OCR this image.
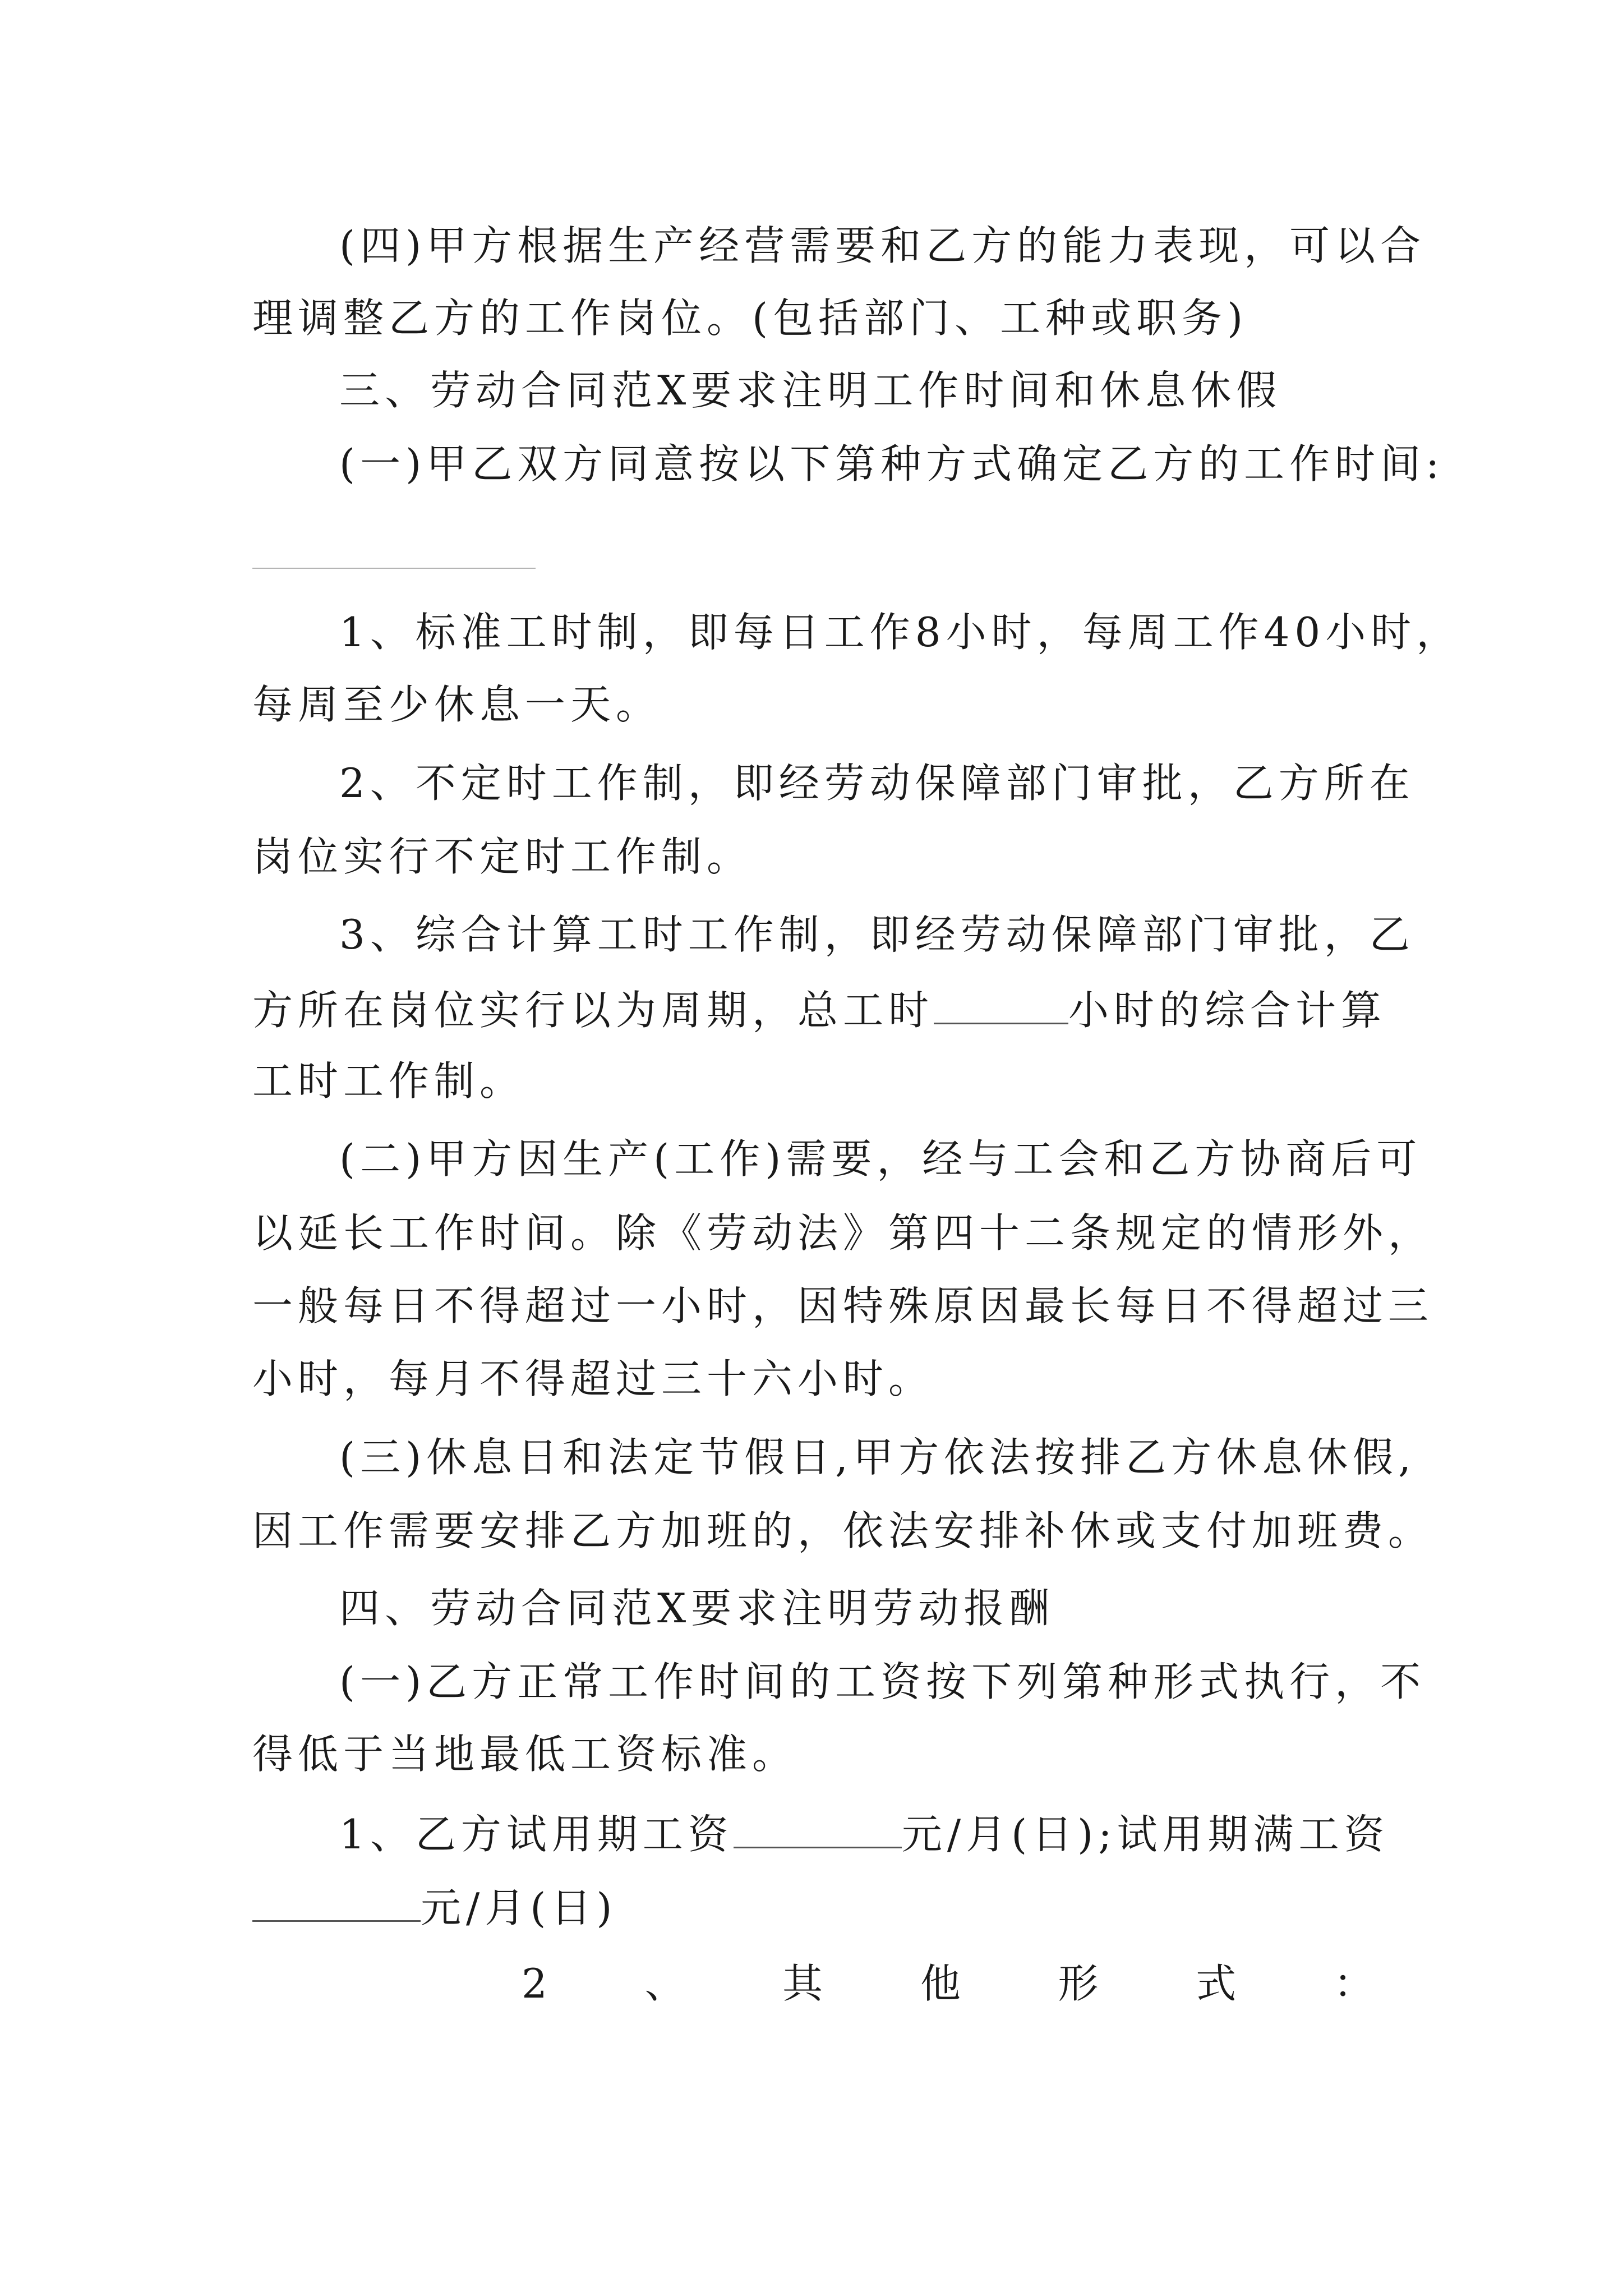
(四)甲方根据生产经营需要和乙方的能力表现，可以合

理调整乙方的工作岗位。(包括部门、工种或职务)

三、劳动合同范X要求注明工作时间和休息休假

(一)甲乙双方同意按以下第种方式确定乙方的工作时间:

1、标准工时制，即每日工作8小时，每周工作40小时，

每周至少休息一天。

2、不定时工作制，即经劳动保障部门审批，乙方所在

岗位实行不定时工作制。

3、综合计算工时工作制，即经劳动保障部门审批，乙

方所在岗位实行以为周期，总工时	小时的综合计算

工时工作制。

(二)甲方因生产(工作)需要，经与工会和乙方协商后可

以延长工作时间。除《劳动法》第四十二条规定的情形外，

一般每日不得超过一小时，因特殊原因最长每日不得超过三

小时，每月不得超过三十六小时。

(三)休息日和法定节假日,甲方依法按排乙方休息休假,

因工作需要安排乙方加班的，依法安排补休或支付加班费。

四、劳动合同范X要求注明劳动报酬

(一)乙方正常工作时间的工资按下列第种形式执行，不

得低于当地最低工资标准。

1、乙方试用期工资	元/月(日);试用期满工资

元/月(日)

2 、 其 他 形 式 ：
